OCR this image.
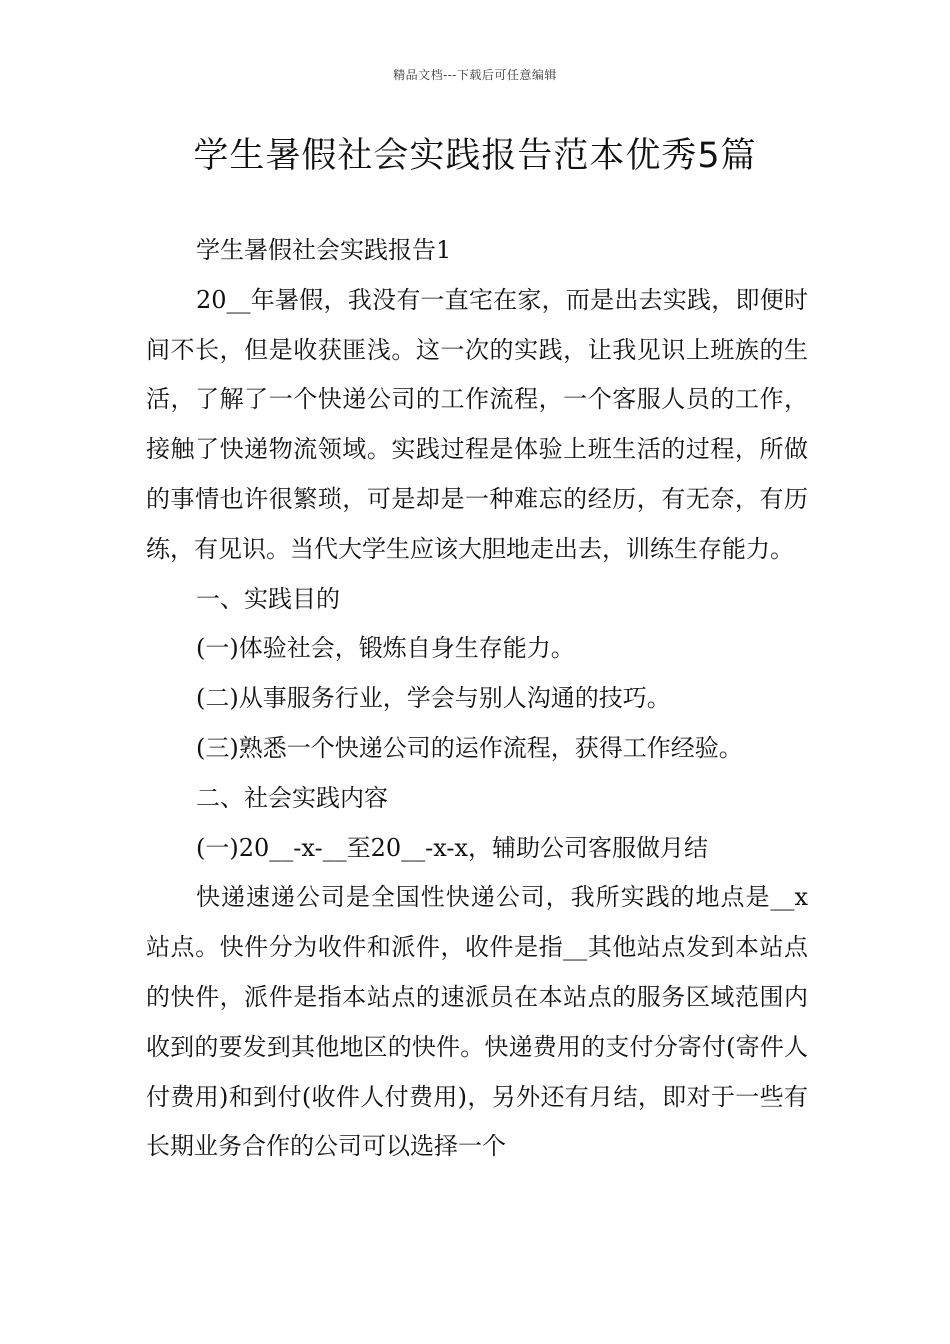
精品文档---下载后可任意编辑
学生暑假社会实践报告范本优秀5篇

学生暑假社会实践报告1

20__年暑假，我没有一直宅在家，而是出去实践，即便时间不长，但是收获匪浅。这一次的实践，让我见识上班族的生活，了解了一个快递公司的工作流程，一个客服人员的工作，接触了快递物流领域。实践过程是体验上班生活的过程，所做的事情也许很繁琐，可是却是一种难忘的经历，有无奈，有历练，有见识。当代大学生应该大胆地走出去，训练生存能力。

一、实践目的

(一)体验社会，锻炼自身生存能力。

(二)从事服务行业，学会与别人沟通的技巧。

(三)熟悉一个快递公司的运作流程，获得工作经验。

二、社会实践内容

(一)20__-x-__至20__-x-x，辅助公司客服做月结

快递速递公司是全国性快递公司，我所实践的地点是__x站点。快件分为收件和派件，收件是指__其他站点发到本站点的快件，派件是指本站点的速派员在本站点的服务区域范围内收到的要发到其他地区的快件。快递费用的支付分寄付(寄件人付费用)和到付(收件人付费用)，另外还有月结，即对于一些有长期业务合作的公司可以选择一个
